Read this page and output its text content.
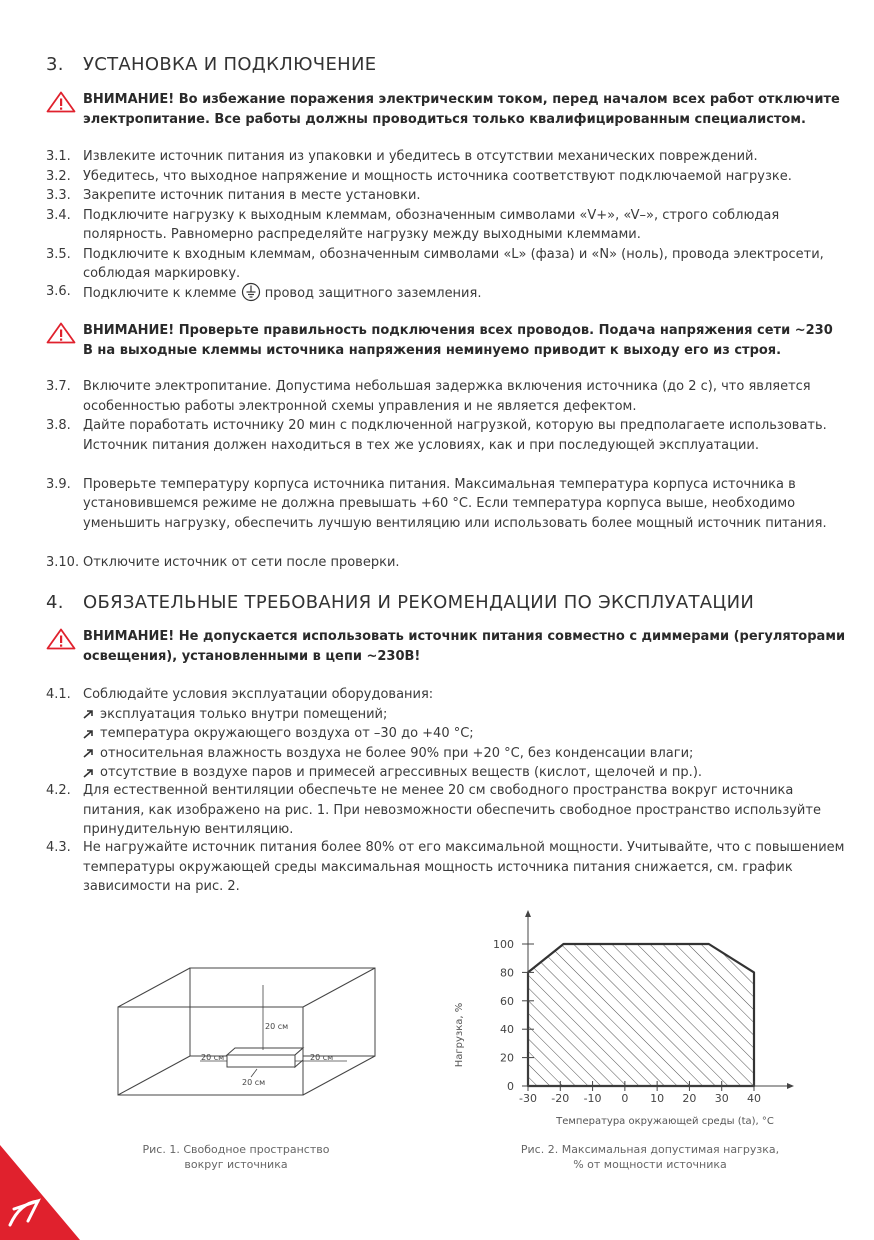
3. УСТАНОВКА И ПОДКЛЮЧЕНИЕ
ВНИМАНИЕ! Во избежание поражения электрическим током, перед началом всех работ отключите электропитание. Все работы должны проводиться только квалифицированным специалистом.
3.1. Извлеките источник питания из упаковки и убедитесь в отсутствии механических повреждений.
3.2. Убедитесь, что выходное напряжение и мощность источника соответствуют подключаемой нагрузке.
3.3. Закрепите источник питания в месте установки.
3.4. Подключите нагрузку к выходным клеммам, обозначенным символами «V+», «V–», строго соблюдая полярность. Равномерно распределяйте нагрузку между выходными клеммами.
3.5. Подключите к входным клеммам, обозначенным символами «L» (фаза) и «N» (ноль), провода электросети, соблюдая маркировку.
3.6. Подключите к клемме провод защитного заземления.
ВНИМАНИЕ! Проверьте правильность подключения всех проводов. Подача напряжения сети ~230 В на выходные клеммы источника напряжения неминуемо приводит к выходу его из строя.
3.7. Включите электропитание. Допустима небольшая задержка включения источника (до 2 с), что является особенностью работы электронной схемы управления и не является дефектом.
3.8. Дайте поработать источнику 20 мин с подключенной нагрузкой, которую вы предполагаете использовать. Источник питания должен находиться в тех же условиях, как и при последующей эксплуатации.
3.9. Проверьте температуру корпуса источника питания. Максимальная температура корпуса источника в установившемся режиме не должна превышать +60 °С. Если температура корпуса выше, необходимо уменьшить нагрузку, обеспечить лучшую вентиляцию или использовать более мощный источник питания.
3.10. Отключите источник от сети после проверки.
4. ОБЯЗАТЕЛЬНЫЕ ТРЕБОВАНИЯ И РЕКОМЕНДАЦИИ ПО ЭКСПЛУАТАЦИИ
ВНИМАНИЕ! Не допускается использовать источник питания совместно с диммерами (регуляторами освещения), установленными в цепи ~230В!
4.1. Соблюдайте условия эксплуатации оборудования:
эксплуатация только внутри помещений;
температура окружающего воздуха от –30 до +40 °С;
относительная влажность воздуха не более 90% при +20 °С, без конденсации влаги;
отсутствие в воздухе паров и примесей агрессивных веществ (кислот, щелочей и пр.).
4.2. Для естественной вентиляции обеспечьте не менее 20 см свободного пространства вокруг источника питания, как изображено на рис. 1. При невозможности обеспечить свободное пространство используйте принудительную вентиляцию.
4.3. Не нагружайте источник питания более 80% от его максимальной мощности. Учитывайте, что с повышением температуры окружающей среды максимальная мощность источника питания снижается, см. график зависимости на рис. 2.
20 см
20 см	20 см
20 см
Рис. 1. Свободное пространство
вокруг источника
0
20
40
60
80
100
-30 -20 -10 0 10 20 30 40
Нагрузка, %
Температура окружающей среды (ta), °С
Рис. 2. Максимальная допустимая нагрузка,
% от мощности источника
